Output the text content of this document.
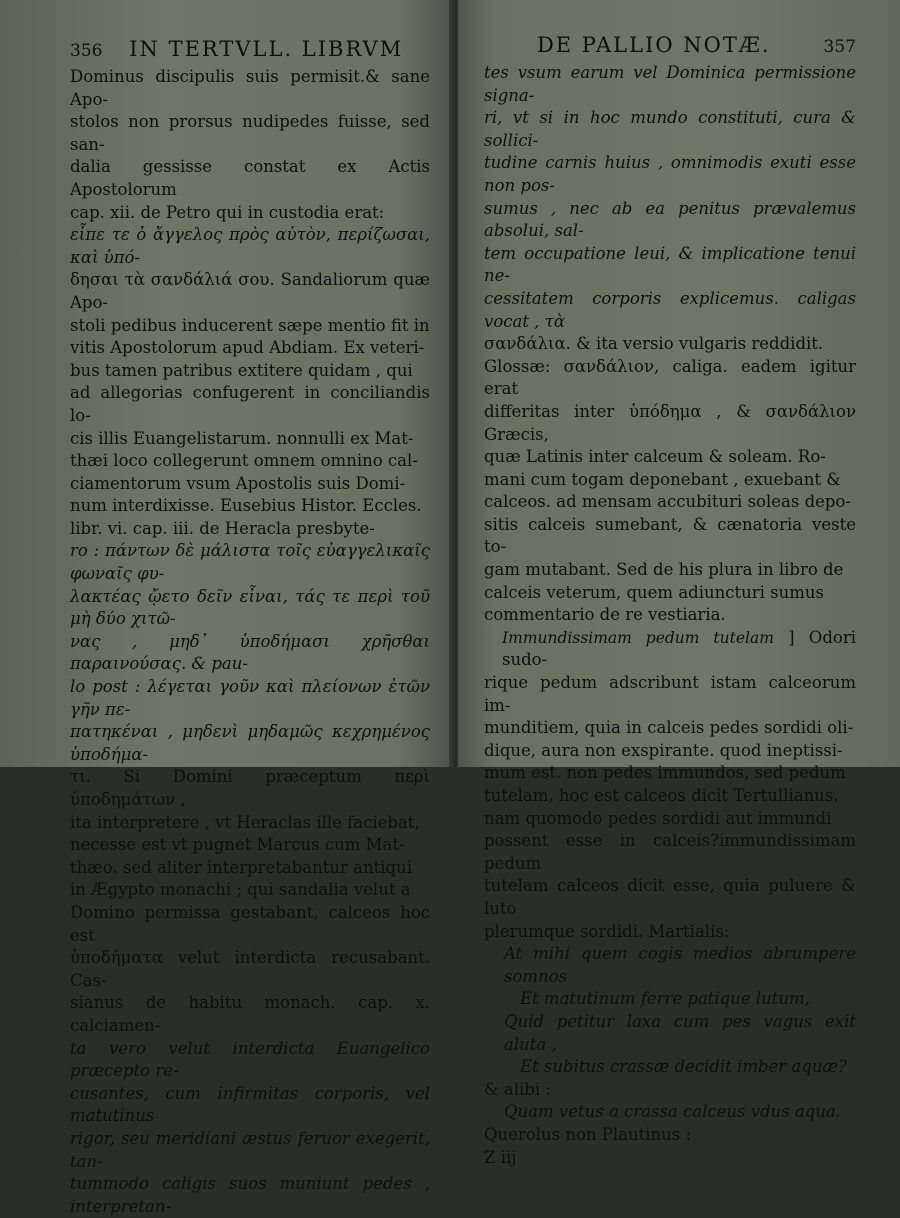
356	IN TERTVLL. LIBRVM
Dominus discipulis suis permisit.& sane Apo-
stolos non prorsus nudipedes fuisse, sed san-
dalia gessisse constat ex Actis Apostolorum
cap. xii. de Petro qui in custodia erat:
εἶπε τε ὁ ἄγγελος πρὸς αὐτὸν, περίζωσαι, καὶ ὑπό-
δησαι τὰ σανδάλιά σου. Sandaliorum quæ Apo-
stoli pedibus inducerent sæpe mentio fit in
vitis Apostolorum apud Abdiam. Ex veteri-
bus tamen patribus extitere quidam , qui
ad allegorias confugerent in conciliandis lo-
cis illis Euangelistarum. nonnulli ex Mat-
thæi loco collegerunt omnem omnino cal-
ciamentorum vsum Apostolis suis Domi-
num interdixisse. Eusebius Histor. Eccles.
libr. vi. cap. iii. de Heracla presbyte-
ro : πάντων δὲ μάλιστα τοῖς εὐαγγελικαῖς φωναῖς φυ-
λακτέας ᾤετο δεῖν εἶναι, τάς τε περὶ τοῦ μὴ δύο χιτῶ-
νας , μηδ᾽ ὑποδήμασι χρῆσθαι παραινούσας. & pau-
lo post : λέγεται γοῦν καὶ πλείονων ἐτῶν γῆν πε-
πατηκέναι , μηδενὶ μηδαμῶς κεχρημένος ὑποδήμα-
τι. Si Domini præceptum περὶ ὑποδημάτων ,
ita interpretere , vt Heraclas ille faciebat,
necesse est vt pugnet Marcus cum Mat-
thæo. sed aliter interpretabantur antiqui
in Ægypto monachi ; qui sandalia velut a
Domino permissa gestabant, calceos hoc est
ὑποδήματα velut interdicta recusabant. Cas-
sianus de habitu monach. cap. x. calciamen-
ta vero velut interdicta Euangelico præcepto re-
cusantes, cum infirmitas corporis, vel matutinus
rigor, seu meridiani æstus feruor exegerit, tan-
tummodo caligis suos muniunt pedes , interpretan-
DE PALLIO NOTÆ.	357
tes vsum earum vel Dominica permissione signa-
ri, vt si in hoc mundo constituti, cura & sollici-
tudine carnis huius , omnimodis exuti esse non pos-
sumus , nec ab ea penitus prævalemus absolui, sal-
tem occupatione leui, & implicatione tenui ne-
cessitatem corporis explicemus. caligas vocat , τὰ
σανδάλια. & ita versio vulgaris reddidit.
Glossæ: σανδάλιον, caliga. eadem igitur erat
differitas inter ὑπόδημα , & σανδάλιον Græcis,
quæ Latinis inter calceum & soleam. Ro-
mani cum togam deponebant , exuebant &
calceos. ad mensam accubituri soleas depo-
sitis calceis sumebant, & cænatoria veste to-
gam mutabant. Sed de his plura in libro de
calceis veterum, quem adiuncturi sumus
commentario de re vestiaria.
Immundissimam pedum tutelam ] Odori sudo-
rique pedum adscribunt istam calceorum im-
munditiem, quia in calceis pedes sordidi oli-
dique, aura non exspirante. quod ineptissi-
mum est. non pedes immundos, sed pedum
tutelam, hoc est calceos dicit Tertullianus.
nam quomodo pedes sordidi aut immundi
possent esse in calceis?immundissimam pedum
tutelam calceos dicit esse, quia puluere & luto
plerumque sordidi. Martialis:
At mihi quem cogis medios abrumpere somnos
Et matutinum ferre patique lutum,
Quid petitur laxa cum pes vagus exit aluta ,
Et subitus crassæ decidit imber aquæ?
& alibi :
Quam vetus a crassa calceus vdus aqua.
Querolus non Plautinus :
Z iij
